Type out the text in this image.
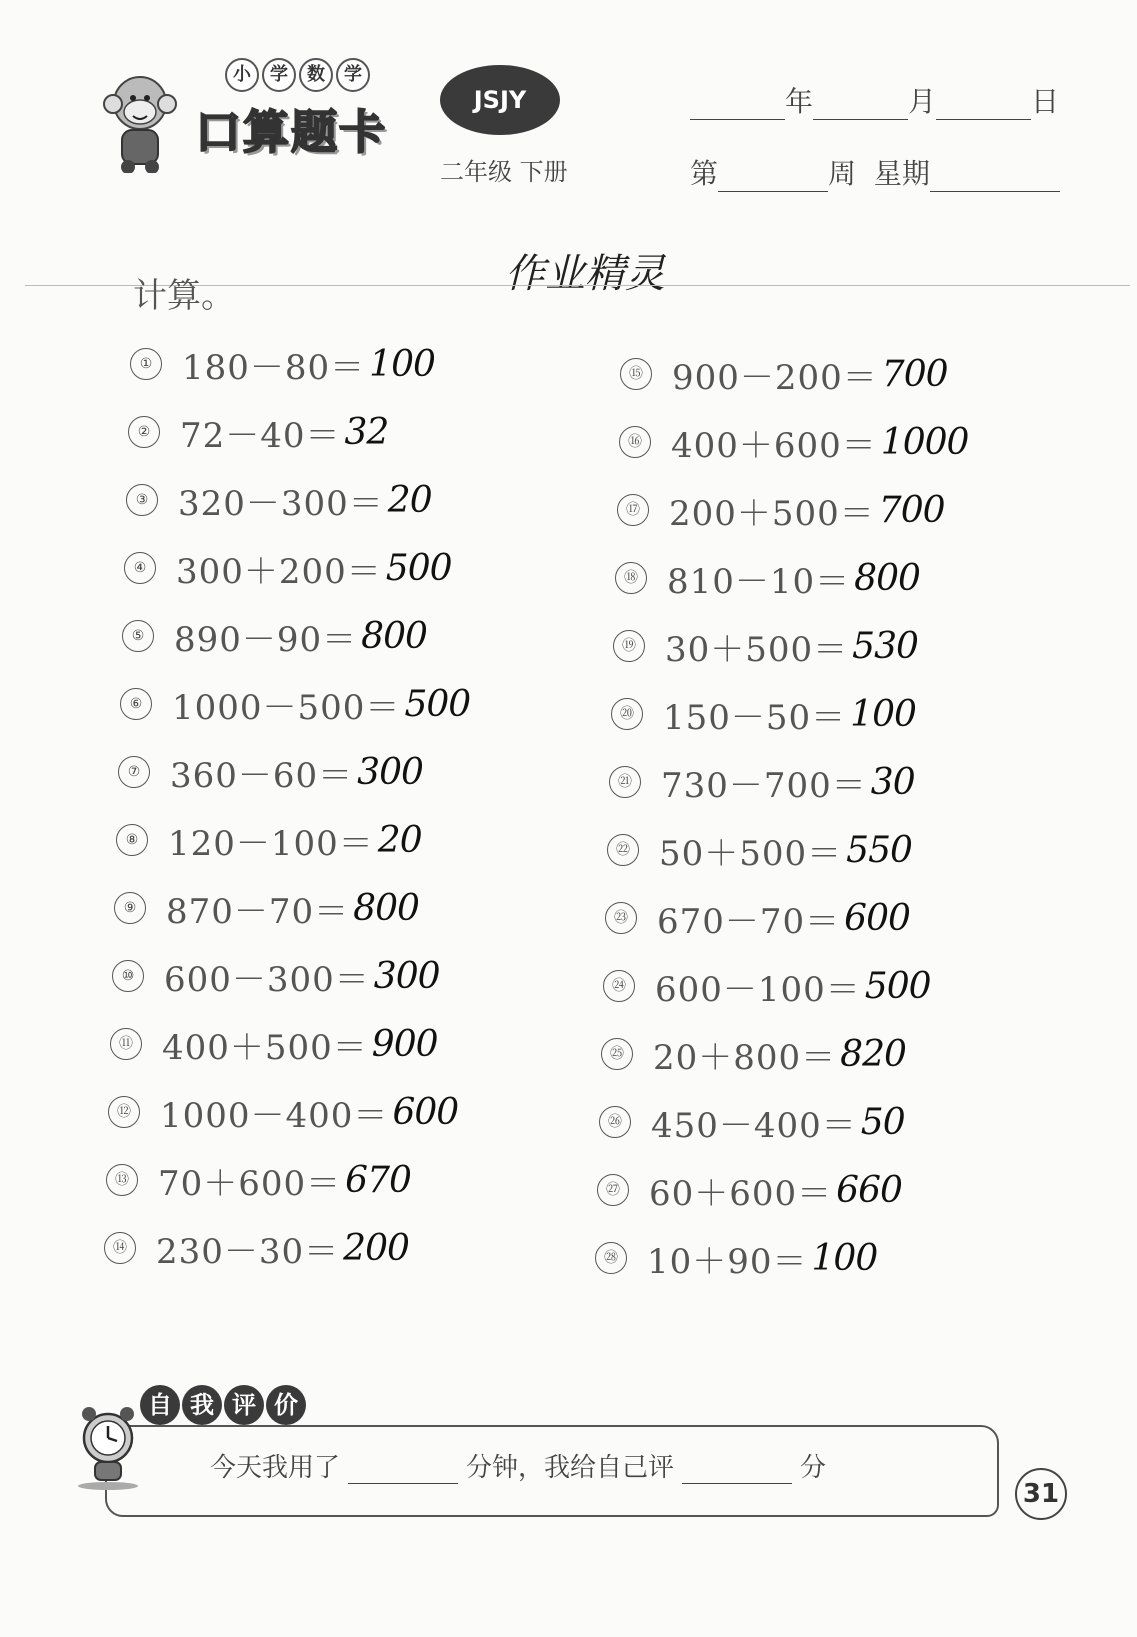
小	学	数	学
口算题卡
JSJY
二年级 下册
年	月	日
第	周 星期
作业精灵
计算。
① 180－80＝ 100
② 72－40＝ 32
③ 320－300＝ 20
④ 300＋200＝ 500
⑤ 890－90＝ 800
⑥ 1000－500＝ 500
⑦ 360－60＝ 300
⑧ 120－100＝ 20
⑨ 870－70＝ 800
⑩ 600－300＝ 300
⑪ 400＋500＝ 900
⑫ 1000－400＝ 600
⑬ 70＋600＝ 670
⑭ 230－30＝ 200
⑮ 900－200＝ 700
⑯ 400＋600＝ 1000
⑰ 200＋500＝ 700
⑱ 810－10＝ 800
⑲ 30＋500＝ 530
⑳ 150－50＝ 100
㉑ 730－700＝ 30
㉒ 50＋500＝ 550
㉓ 670－70＝ 600
㉔ 600－100＝ 500
㉕ 20＋800＝ 820
㉖ 450－400＝ 50
㉗ 60＋600＝ 660
㉘ 10＋90＝ 100
自 我 评 价
今天我用了	分钟，我给自己评	分
31
